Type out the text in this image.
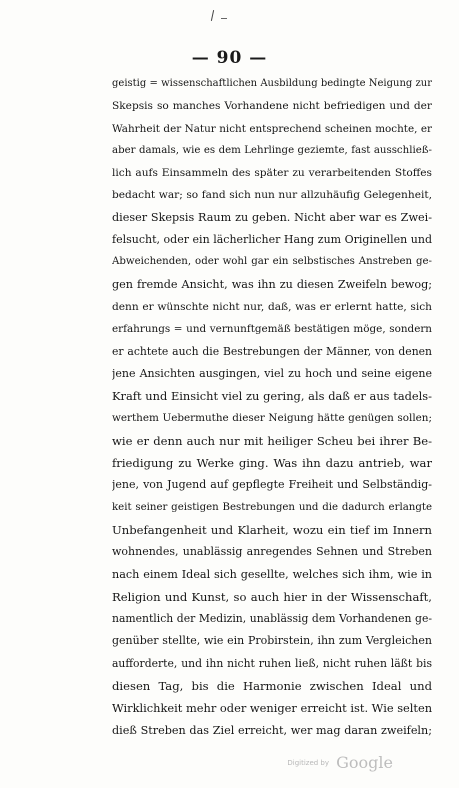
— 90 —
geistig = wissenschaftlichen Ausbildung bedingte Neigung zur
Skepsis so manches Vorhandene nicht befriedigen und der
Wahrheit der Natur nicht entsprechend scheinen mochte, er
aber damals, wie es dem Lehrlinge geziemte, fast ausschließ-
lich aufs Einsammeln des später zu verarbeitenden Stoffes
bedacht war; so fand sich nun nur allzuhäufig Gelegenheit,
dieser Skepsis Raum zu geben. Nicht aber war es Zwei-
felsucht, oder ein lächerlicher Hang zum Originellen und
Abweichenden, oder wohl gar ein selbstisches Anstreben ge-
gen fremde Ansicht, was ihn zu diesen Zweifeln bewog;
denn er wünschte nicht nur, daß, was er erlernt hatte, sich
erfahrungs = und vernunftgemäß bestätigen möge, sondern
er achtete auch die Bestrebungen der Männer, von denen
jene Ansichten ausgingen, viel zu hoch und seine eigene
Kraft und Einsicht viel zu gering, als daß er aus tadels-
werthem Uebermuthe dieser Neigung hätte genügen sollen;
wie er denn auch nur mit heiliger Scheu bei ihrer Be-
friedigung zu Werke ging. Was ihn dazu antrieb, war
jene, von Jugend auf gepflegte Freiheit und Selbständig-
keit seiner geistigen Bestrebungen und die dadurch erlangte
Unbefangenheit und Klarheit, wozu ein tief im Innern
wohnendes, unablässig anregendes Sehnen und Streben
nach einem Ideal sich gesellte, welches sich ihm, wie in
Religion und Kunst, so auch hier in der Wissenschaft,
namentlich der Medizin, unablässig dem Vorhandenen ge-
genüber stellte, wie ein Probirstein, ihn zum Vergleichen
aufforderte, und ihn nicht ruhen ließ, nicht ruhen läßt bis
diesen Tag, bis die Harmonie zwischen Ideal und
Wirklichkeit mehr oder weniger erreicht ist. Wie selten
dieß Streben das Ziel erreicht, wer mag daran zweifeln;
Digitized by Google
